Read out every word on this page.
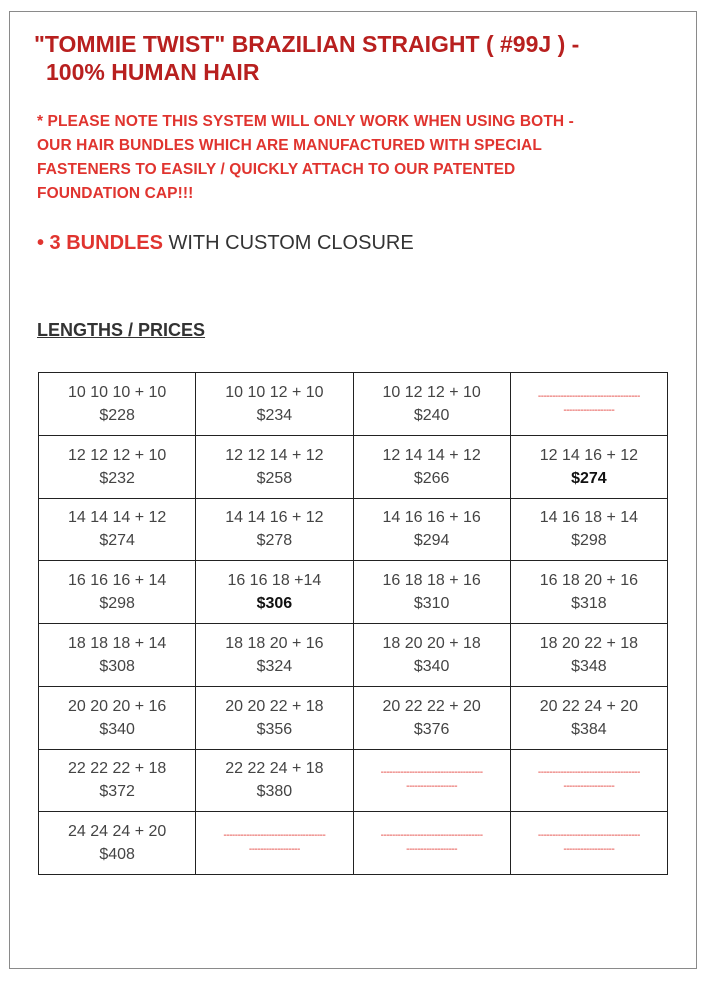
"TOMMIE TWIST" BRAZILIAN STRAIGHT ( #99J ) -
100% HUMAN HAIR

* PLEASE NOTE THIS SYSTEM WILL ONLY WORK WHEN USING BOTH -
OUR HAIR BUNDLES WHICH ARE MANUFACTURED WITH SPECIAL
FASTENERS TO EASILY / QUICKLY ATTACH TO OUR PATENTED
FOUNDATION CAP!!!

• 3 BUNDLES WITH CUSTOM CLOSURE

LENGTHS / PRICES

10 10 10 + 10
$228	10 10 12 + 10
$234	10 12 12 + 10
$240	------------------------------------
------------------

12 12 12 + 10
$232	12 12 14 + 12
$258	12 14 14 + 12
$266	12 14 16 + 12
$274

14 14 14 + 12
$274	14 14 16 + 12
$278	14 16 16 + 16
$294	14 16 18 + 14
$298

16 16 16 + 14
$298	16 16 18 +14
$306	16 18 18 + 16
$310	16 18 20 + 16
$318

18 18 18 + 14
$308	18 18 20 + 16
$324	18 20 20 + 18
$340	18 20 22 + 18
$348

20 20 20 + 16
$340	20 20 22 + 18
$356	20 22 22 + 20
$376	20 22 24 + 20
$384

22 22 22 + 18
$372	22 22 24 + 18
$380	------------------------------------
------------------	------------------------------------
------------------

24 24 24 + 20
$408	------------------------------------
------------------	------------------------------------
------------------	------------------------------------
------------------
